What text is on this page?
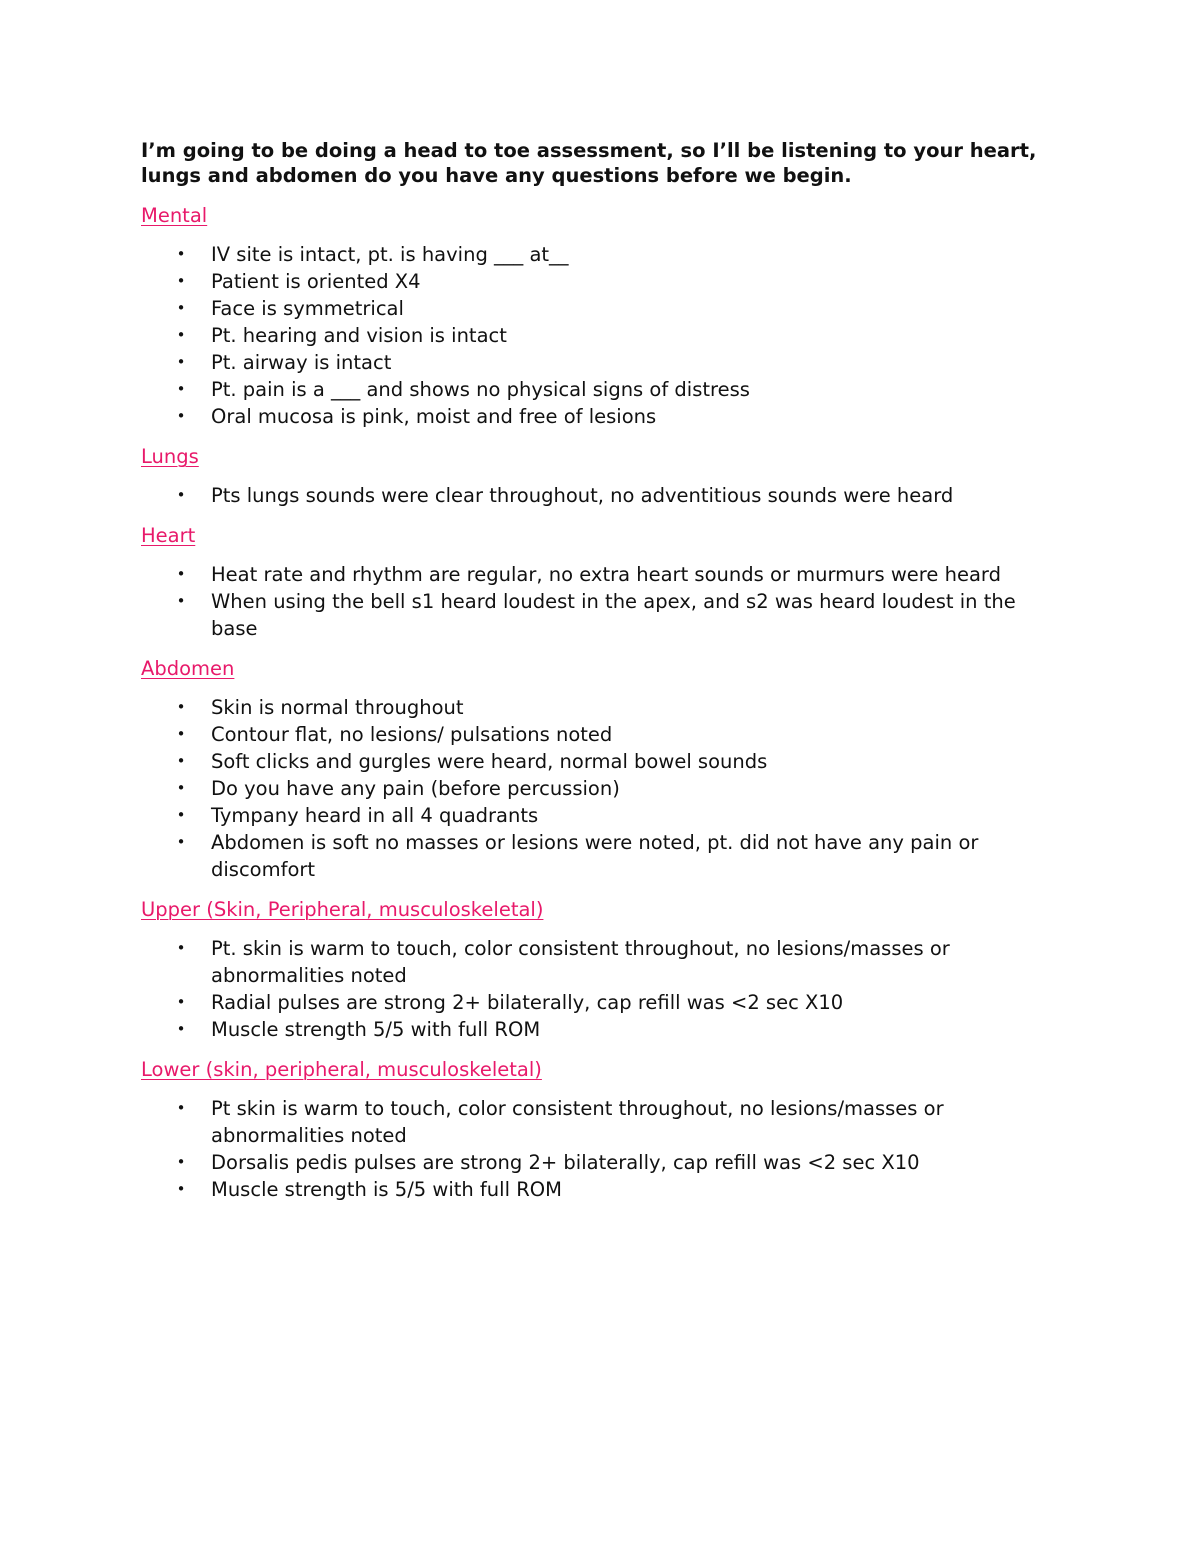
I’m going to be doing a head to toe assessment, so I’ll be listening to your heart, lungs and abdomen do you have any questions before we begin.

Mental
• IV site is intact, pt. is having ___ at__
• Patient is oriented X4
• Face is symmetrical
• Pt. hearing and vision is intact
• Pt. airway is intact
• Pt. pain is a ___ and shows no physical signs of distress
• Oral mucosa is pink, moist and free of lesions
Lungs
• Pts lungs sounds were clear throughout, no adventitious sounds were heard
Heart
• Heat rate and rhythm are regular, no extra heart sounds or murmurs were heard
• When using the bell s1 heard loudest in the apex, and s2 was heard loudest in the base
Abdomen
• Skin is normal throughout
• Contour flat, no lesions/ pulsations noted
• Soft clicks and gurgles were heard, normal bowel sounds
• Do you have any pain (before percussion)
• Tympany heard in all 4 quadrants
• Abdomen is soft no masses or lesions were noted, pt. did not have any pain or discomfort
Upper (Skin, Peripheral, musculoskeletal)
• Pt. skin is warm to touch, color consistent throughout, no lesions/masses or abnormalities noted
• Radial pulses are strong 2+ bilaterally, cap refill was <2 sec X10
• Muscle strength 5/5 with full ROM
Lower (skin, peripheral, musculoskeletal)
• Pt skin is warm to touch, color consistent throughout, no lesions/masses or abnormalities noted
• Dorsalis pedis pulses are strong 2+ bilaterally, cap refill was <2 sec X10
• Muscle strength is 5/5 with full ROM
